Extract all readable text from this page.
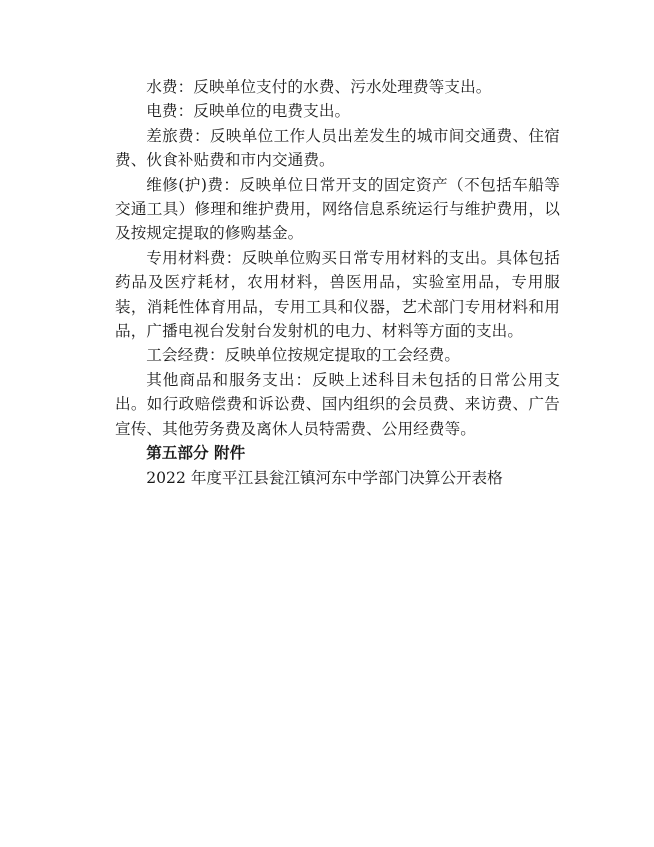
水费：反映单位支付的水费、污水处理费等支出。

电费：反映单位的电费支出。

差旅费：反映单位工作人员出差发生的城市间交通费、住宿费、伙食补贴费和市内交通费。

维修(护)费：反映单位日常开支的固定资产（不包括车船等交通工具）修理和维护费用，网络信息系统运行与维护费用，以及按规定提取的修购基金。

专用材料费：反映单位购买日常专用材料的支出。具体包括药品及医疗耗材，农用材料，兽医用品，实验室用品，专用服装，消耗性体育用品，专用工具和仪器，艺术部门专用材料和用品，广播电视台发射台发射机的电力、材料等方面的支出。

工会经费：反映单位按规定提取的工会经费。

其他商品和服务支出：反映上述科目未包括的日常公用支出。如行政赔偿费和诉讼费、国内组织的会员费、来访费、广告宣传、其他劳务费及离休人员特需费、公用经费等。

第五部分 附件

2022 年度平江县瓮江镇河东中学部门决算公开表格
